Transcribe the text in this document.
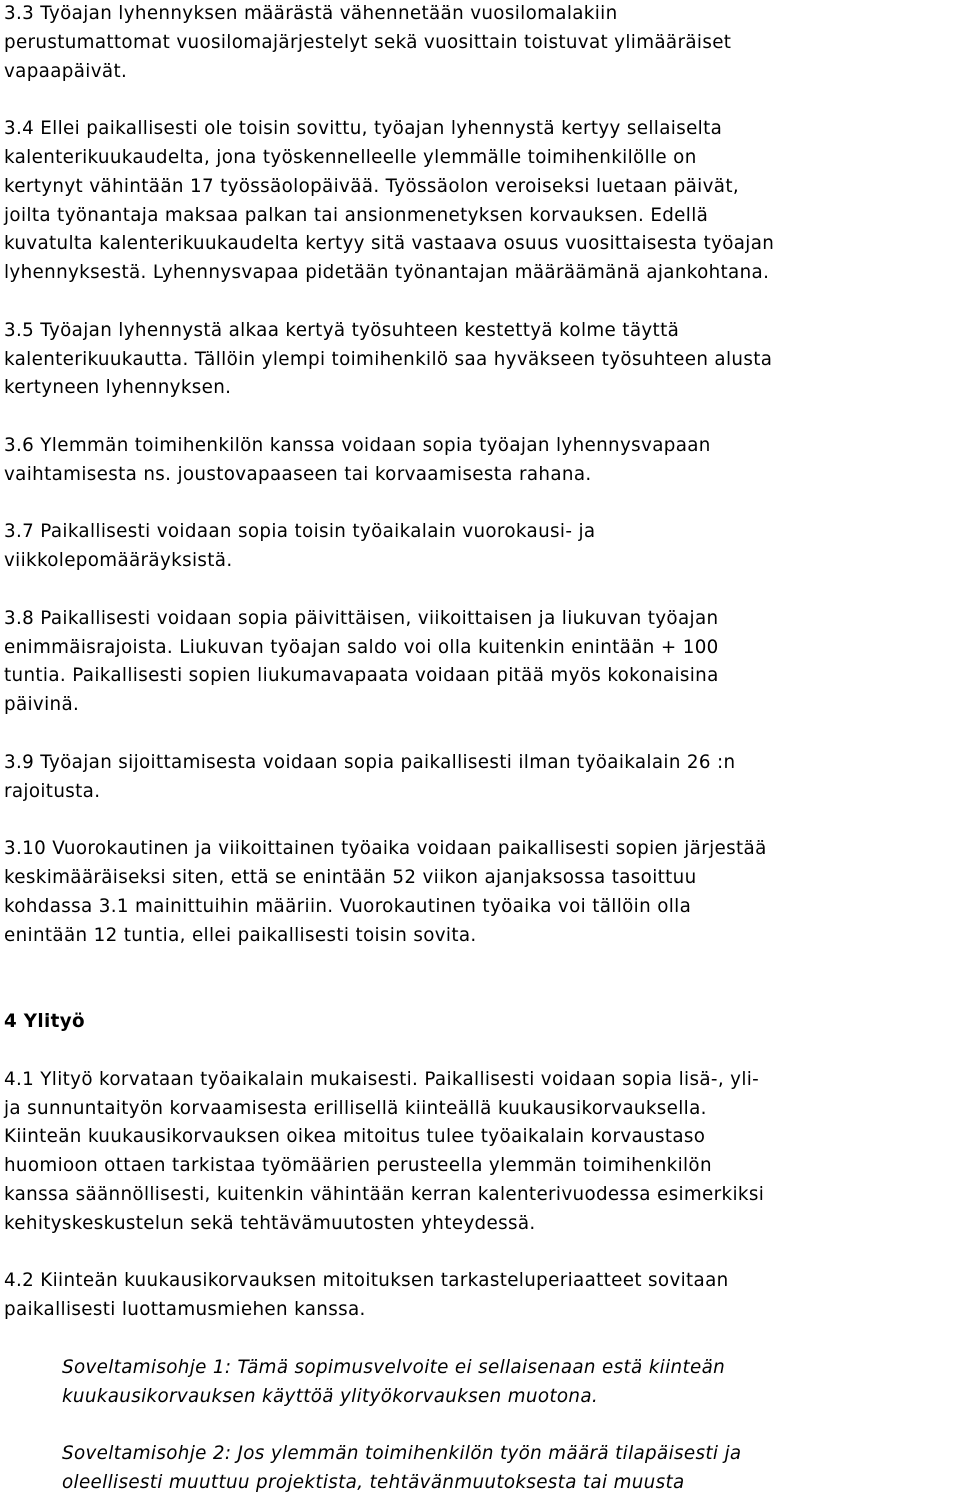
3.3 Työajan lyhennyksen määrästä vähennetään vuosilomalakiin
perustumattomat vuosilomajärjestelyt sekä vuosittain toistuvat ylimääräiset
vapaapäivät.

3.4 Ellei paikallisesti ole toisin sovittu, työajan lyhennystä kertyy sellaiselta
kalenterikuukaudelta, jona työskennelleelle ylemmälle toimihenkilölle on
kertynyt vähintään 17 työssäolopäivää. Työssäolon veroiseksi luetaan päivät,
joilta työnantaja maksaa palkan tai ansionmenetyksen korvauksen. Edellä
kuvatulta kalenterikuukaudelta kertyy sitä vastaava osuus vuosittaisesta työajan
lyhennyksestä. Lyhennysvapaa pidetään työnantajan määräämänä ajankohtana.

3.5 Työajan lyhennystä alkaa kertyä työsuhteen kestettyä kolme täyttä
kalenterikuukautta. Tällöin ylempi toimihenkilö saa hyväkseen työsuhteen alusta
kertyneen lyhennyksen.

3.6 Ylemmän toimihenkilön kanssa voidaan sopia työajan lyhennysvapaan
vaihtamisesta ns. joustovapaaseen tai korvaamisesta rahana.

3.7 Paikallisesti voidaan sopia toisin työaikalain vuorokausi- ja
viikkolepomääräyksistä.

3.8 Paikallisesti voidaan sopia päivittäisen, viikoittaisen ja liukuvan työajan
enimmäisrajoista. Liukuvan työajan saldo voi olla kuitenkin enintään + 100
tuntia. Paikallisesti sopien liukumavapaata voidaan pitää myös kokonaisina
päivinä.

3.9 Työajan sijoittamisesta voidaan sopia paikallisesti ilman työaikalain 26 :n
rajoitusta.

3.10 Vuorokautinen ja viikoittainen työaika voidaan paikallisesti sopien järjestää
keskimääräiseksi siten, että se enintään 52 viikon ajanjaksossa tasoittuu
kohdassa 3.1 mainittuihin määriin. Vuorokautinen työaika voi tällöin olla
enintään 12 tuntia, ellei paikallisesti toisin sovita.

4 Ylityö

4.1 Ylityö korvataan työaikalain mukaisesti. Paikallisesti voidaan sopia lisä-, yli-
ja sunnuntaityön korvaamisesta erillisellä kiinteällä kuukausikorvauksella.
Kiinteän kuukausikorvauksen oikea mitoitus tulee työaikalain korvaustaso
huomioon ottaen tarkistaa työmäärien perusteella ylemmän toimihenkilön
kanssa säännöllisesti, kuitenkin vähintään kerran kalenterivuodessa esimerkiksi
kehityskeskustelun sekä tehtävämuutosten yhteydessä.

4.2 Kiinteän kuukausikorvauksen mitoituksen tarkasteluperiaatteet sovitaan
paikallisesti luottamusmiehen kanssa.

Soveltamisohje 1: Tämä sopimusvelvoite ei sellaisenaan estä kiinteän
kuukausikorvauksen käyttöä ylityökorvauksen muotona.

Soveltamisohje 2: Jos ylemmän toimihenkilön työn määrä tilapäisesti ja
oleellisesti muuttuu projektista, tehtävänmuutoksesta tai muusta
